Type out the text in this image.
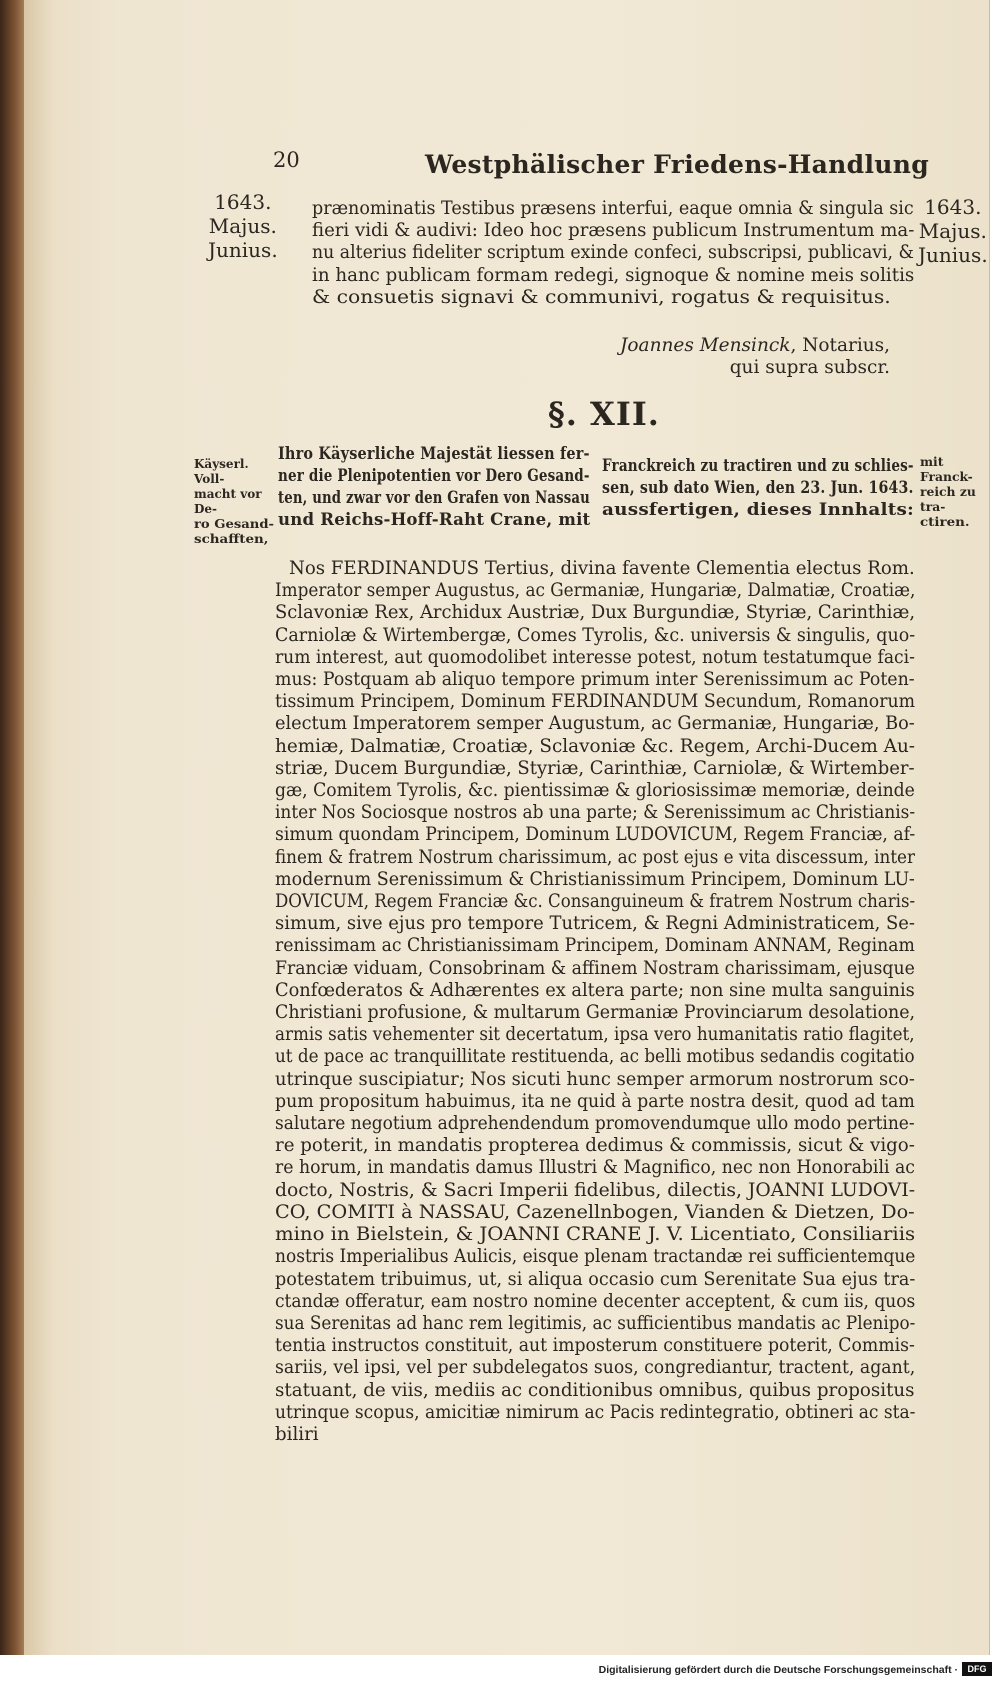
20	Westphälischer Friedens-Handlung
1643.
Majus.
Junius.
1643.
Majus.
Junius.
prænominatis Testibus præsens interfui, eaque omnia & singula sic
fieri vidi & audivi: Ideo hoc præsens publicum Instrumentum ma-
nu alterius fideliter scriptum exinde confeci, subscripsi, publicavi, &
in hanc publicam formam redegi, signoque & nomine meis solitis
& consuetis signavi & communivi, rogatus & requisitus.
Joannes Mensinck, Notarius,
qui supra subscr.
§. XII.
Käyserl. Voll-
macht vor De-
ro Gesand-
schafften,
mit Franck-
reich zu tra-
ctiren.
Ihro Käyserliche Majestät liessen fer-
ner die Plenipotentien vor Dero Gesand-
ten, und zwar vor den Grafen von Nassau
und Reichs-Hoff-Raht Crane, mit
Franckreich zu tractiren und zu schlies-
sen, sub dato Wien, den 23. Jun. 1643.
aussfertigen, dieses Innhalts:
Nos FERDINANDUS Tertius, divina favente Clementia electus Rom.
Imperator semper Augustus, ac Germaniæ, Hungariæ, Dalmatiæ, Croatiæ,
Sclavoniæ Rex, Archidux Austriæ, Dux Burgundiæ, Styriæ, Carinthiæ,
Carniolæ & Wirtembergæ, Comes Tyrolis, &c. universis & singulis, quo-
rum interest, aut quomodolibet interesse potest, notum testatumque faci-
mus: Postquam ab aliquo tempore primum inter Serenissimum ac Poten-
tissimum Principem, Dominum FERDINANDUM Secundum, Romanorum
electum Imperatorem semper Augustum, ac Germaniæ, Hungariæ, Bo-
hemiæ, Dalmatiæ, Croatiæ, Sclavoniæ &c. Regem, Archi-Ducem Au-
striæ, Ducem Burgundiæ, Styriæ, Carinthiæ, Carniolæ, & Wirtember-
gæ, Comitem Tyrolis, &c. pientissimæ & gloriosissimæ memoriæ, deinde
inter Nos Sociosque nostros ab una parte; & Serenissimum ac Christianis-
simum quondam Principem, Dominum LUDOVICUM, Regem Franciæ, af-
finem & fratrem Nostrum charissimum, ac post ejus e vita discessum, inter
modernum Serenissimum & Christianissimum Principem, Dominum LU-
DOVICUM, Regem Franciæ &c. Consanguineum & fratrem Nostrum charis-
simum, sive ejus pro tempore Tutricem, & Regni Administraticem, Se-
renissimam ac Christianissimam Principem, Dominam ANNAM, Reginam
Franciæ viduam, Consobrinam & affinem Nostram charissimam, ejusque
Confœderatos & Adhærentes ex altera parte; non sine multa sanguinis
Christiani profusione, & multarum Germaniæ Provinciarum desolatione,
armis satis vehementer sit decertatum, ipsa vero humanitatis ratio flagitet,
ut de pace ac tranquillitate restituenda, ac belli motibus sedandis cogitatio
utrinque suscipiatur; Nos sicuti hunc semper armorum nostrorum sco-
pum propositum habuimus, ita ne quid à parte nostra desit, quod ad tam
salutare negotium adprehendendum promovendumque ullo modo pertine-
re poterit, in mandatis propterea dedimus & commissis, sicut & vigo-
re horum, in mandatis damus Illustri & Magnifico, nec non Honorabili ac
docto, Nostris, & Sacri Imperii fidelibus, dilectis, JOANNI LUDOVI-
CO, COMITI à NASSAU, Cazenellnbogen, Vianden & Dietzen, Do-
mino in Bielstein, & JOANNI CRANE J. V. Licentiato, Consiliariis
nostris Imperialibus Aulicis, eisque plenam tractandæ rei sufficientemque
potestatem tribuimus, ut, si aliqua occasio cum Serenitate Sua ejus tra-
ctandæ offeratur, eam nostro nomine decenter acceptent, & cum iis, quos
sua Serenitas ad hanc rem legitimis, ac sufficientibus mandatis ac Plenipo-
tentia instructos constituit, aut imposterum constituere poterit, Commis-
sariis, vel ipsi, vel per subdelegatos suos, congrediantur, tractent, agant,
statuant, de viis, mediis ac conditionibus omnibus, quibus propositus
utrinque scopus, amicitiæ nimirum ac Pacis redintegratio, obtineri ac sta-
biliri
Digitalisierung gefördert durch die Deutsche Forschungsgemeinschaft ·	DFG
